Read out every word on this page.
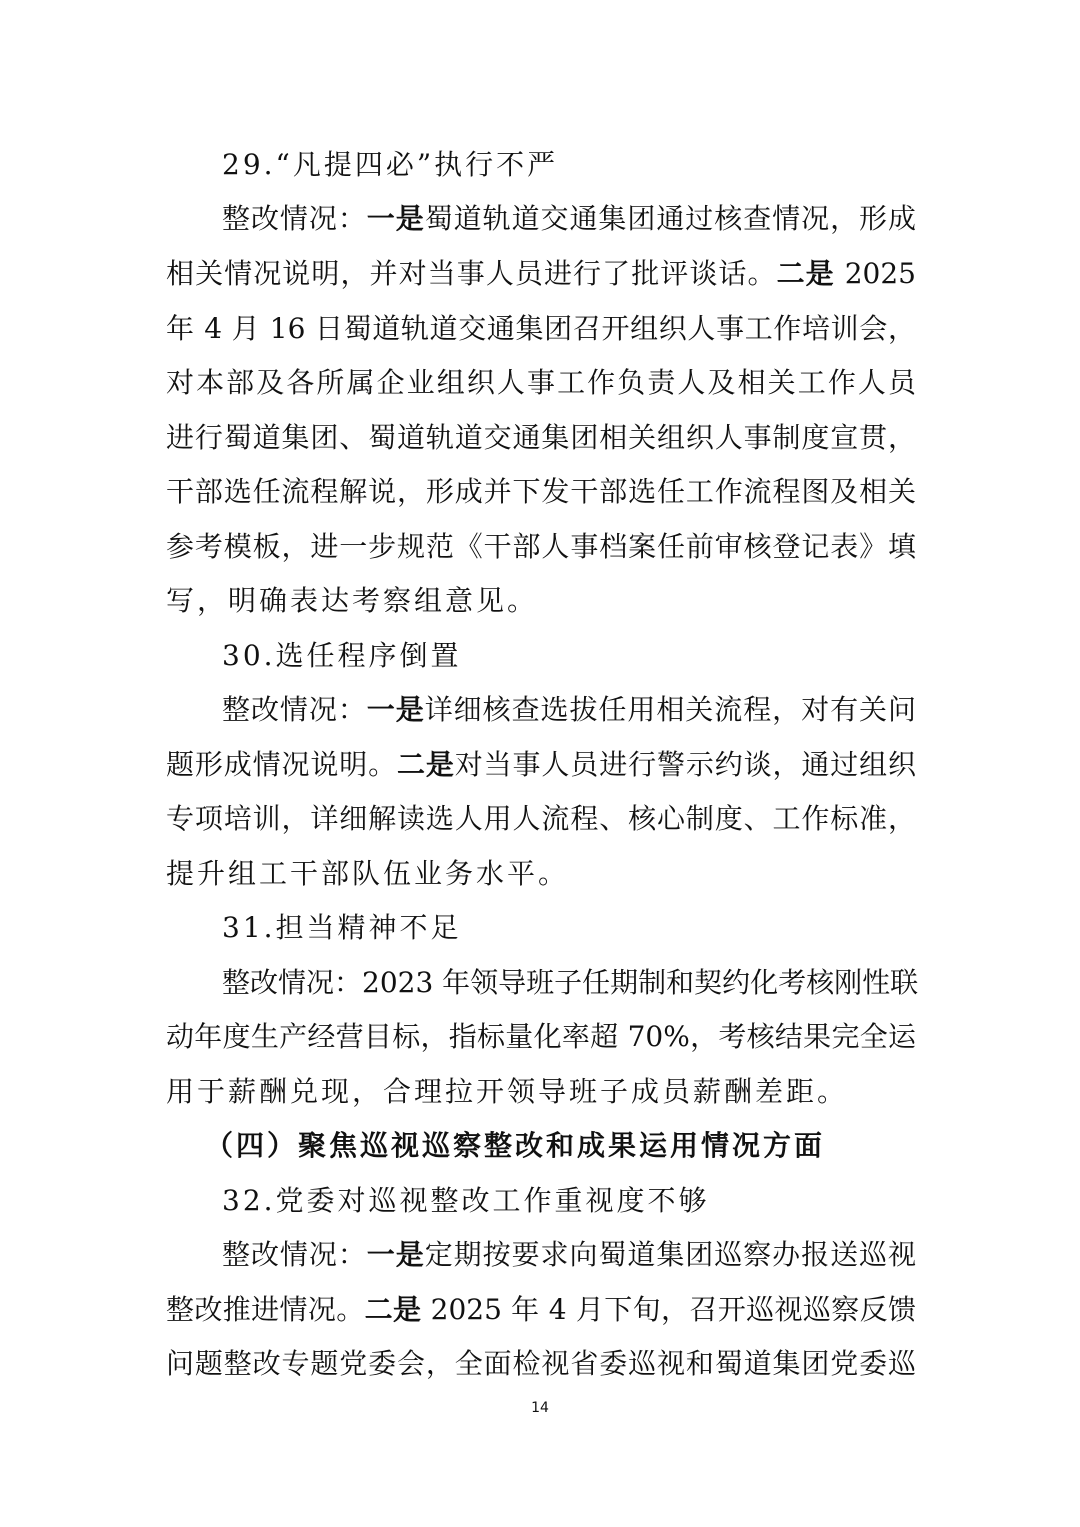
29.“凡提四必”执行不严
整改情况：一是蜀道轨道交通集团通过核查情况，形成
相关情况说明，并对当事人员进行了批评谈话。二是 2025
年 4 月 16 日蜀道轨道交通集团召开组织人事工作培训会，
对本部及各所属企业组织人事工作负责人及相关工作人员
进行蜀道集团、蜀道轨道交通集团相关组织人事制度宣贯，
干部选任流程解说，形成并下发干部选任工作流程图及相关
参考模板，进一步规范《干部人事档案任前审核登记表》填
写，明确表达考察组意见。
30.选任程序倒置
整改情况：一是详细核查选拔任用相关流程，对有关问
题形成情况说明。二是对当事人员进行警示约谈，通过组织
专项培训，详细解读选人用人流程、核心制度、工作标准，
提升组工干部队伍业务水平。
31.担当精神不足
整改情况：2023 年领导班子任期制和契约化考核刚性联
动年度生产经营目标，指标量化率超 70%，考核结果完全运
用于薪酬兑现，合理拉开领导班子成员薪酬差距。
（四）聚焦巡视巡察整改和成果运用情况方面
32.党委对巡视整改工作重视度不够
整改情况：一是定期按要求向蜀道集团巡察办报送巡视
整改推进情况。二是 2025 年 4 月下旬，召开巡视巡察反馈
问题整改专题党委会，全面检视省委巡视和蜀道集团党委巡
14
